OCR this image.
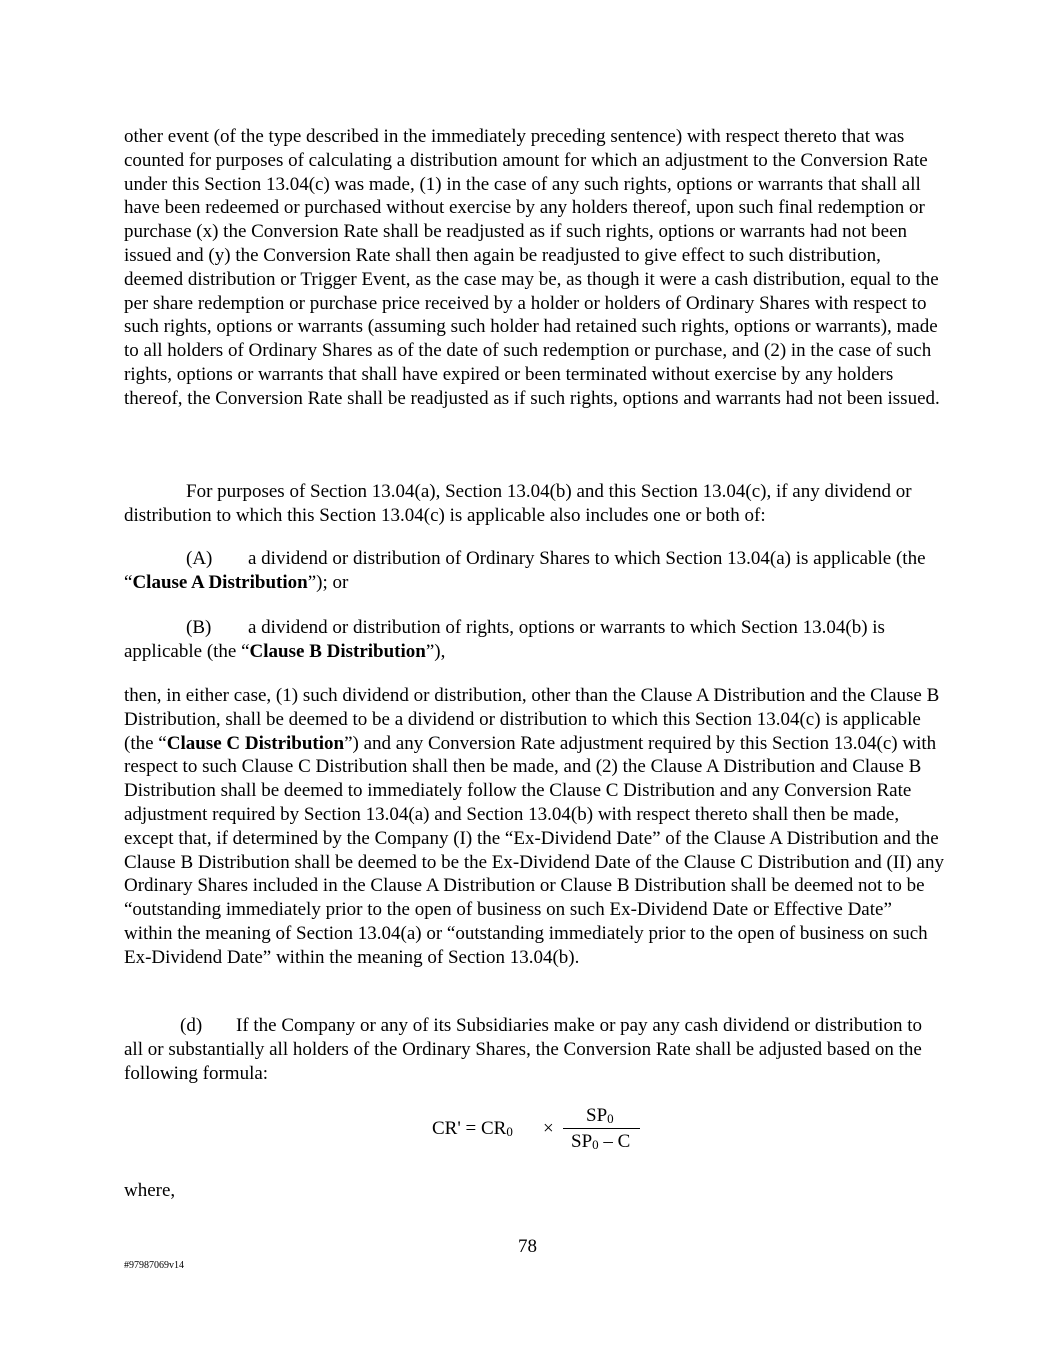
other event (of the type described in the immediately preceding sentence) with respect thereto that was counted for purposes of calculating a distribution amount for which an adjustment to the Conversion Rate under this Section 13.04(c) was made, (1) in the case of any such rights, options or warrants that shall all have been redeemed or purchased without exercise by any holders thereof, upon such final redemption or purchase (x) the Conversion Rate shall be readjusted as if such rights, options or warrants had not been issued and (y) the Conversion Rate shall then again be readjusted to give effect to such distribution, deemed distribution or Trigger Event, as the case may be, as though it were a cash distribution, equal to the per share redemption or purchase price received by a holder or holders of Ordinary Shares with respect to such rights, options or warrants (assuming such holder had retained such rights, options or warrants), made to all holders of Ordinary Shares as of the date of such redemption or purchase, and (2) in the case of such rights, options or warrants that shall have expired or been terminated without exercise by any holders thereof, the Conversion Rate shall be readjusted as if such rights, options and warrants had not been issued.

For purposes of Section 13.04(a), Section 13.04(b) and this Section 13.04(c), if any dividend or distribution to which this Section 13.04(c) is applicable also includes one or both of:

(A) a dividend or distribution of Ordinary Shares to which Section 13.04(a) is applicable (the “Clause A Distribution”); or

(B) a dividend or distribution of rights, options or warrants to which Section 13.04(b) is applicable (the “Clause B Distribution”),

then, in either case, (1) such dividend or distribution, other than the Clause A Distribution and the Clause B Distribution, shall be deemed to be a dividend or distribution to which this Section 13.04(c) is applicable (the “Clause C Distribution”) and any Conversion Rate adjustment required by this Section 13.04(c) with respect to such Clause C Distribution shall then be made, and (2) the Clause A Distribution and Clause B Distribution shall be deemed to immediately follow the Clause C Distribution and any Conversion Rate adjustment required by Section 13.04(a) and Section 13.04(b) with respect thereto shall then be made, except that, if determined by the Company (I) the “Ex-Dividend Date” of the Clause A Distribution and the Clause B Distribution shall be deemed to be the Ex-Dividend Date of the Clause C Distribution and (II) any Ordinary Shares included in the Clause A Distribution or Clause B Distribution shall be deemed not to be “outstanding immediately prior to the open of business on such Ex-Dividend Date or Effective Date” within the meaning of Section 13.04(a) or “outstanding immediately prior to the open of business on such Ex-Dividend Date” within the meaning of Section 13.04(b).

(d) If the Company or any of its Subsidiaries make or pay any cash dividend or distribution to all or substantially all holders of the Ordinary Shares, the Conversion Rate shall be adjusted based on the following formula:

$CR' = CR_0$ ×
$SP_0$
$SP_0$ – C
where,
78
#97987069v14
